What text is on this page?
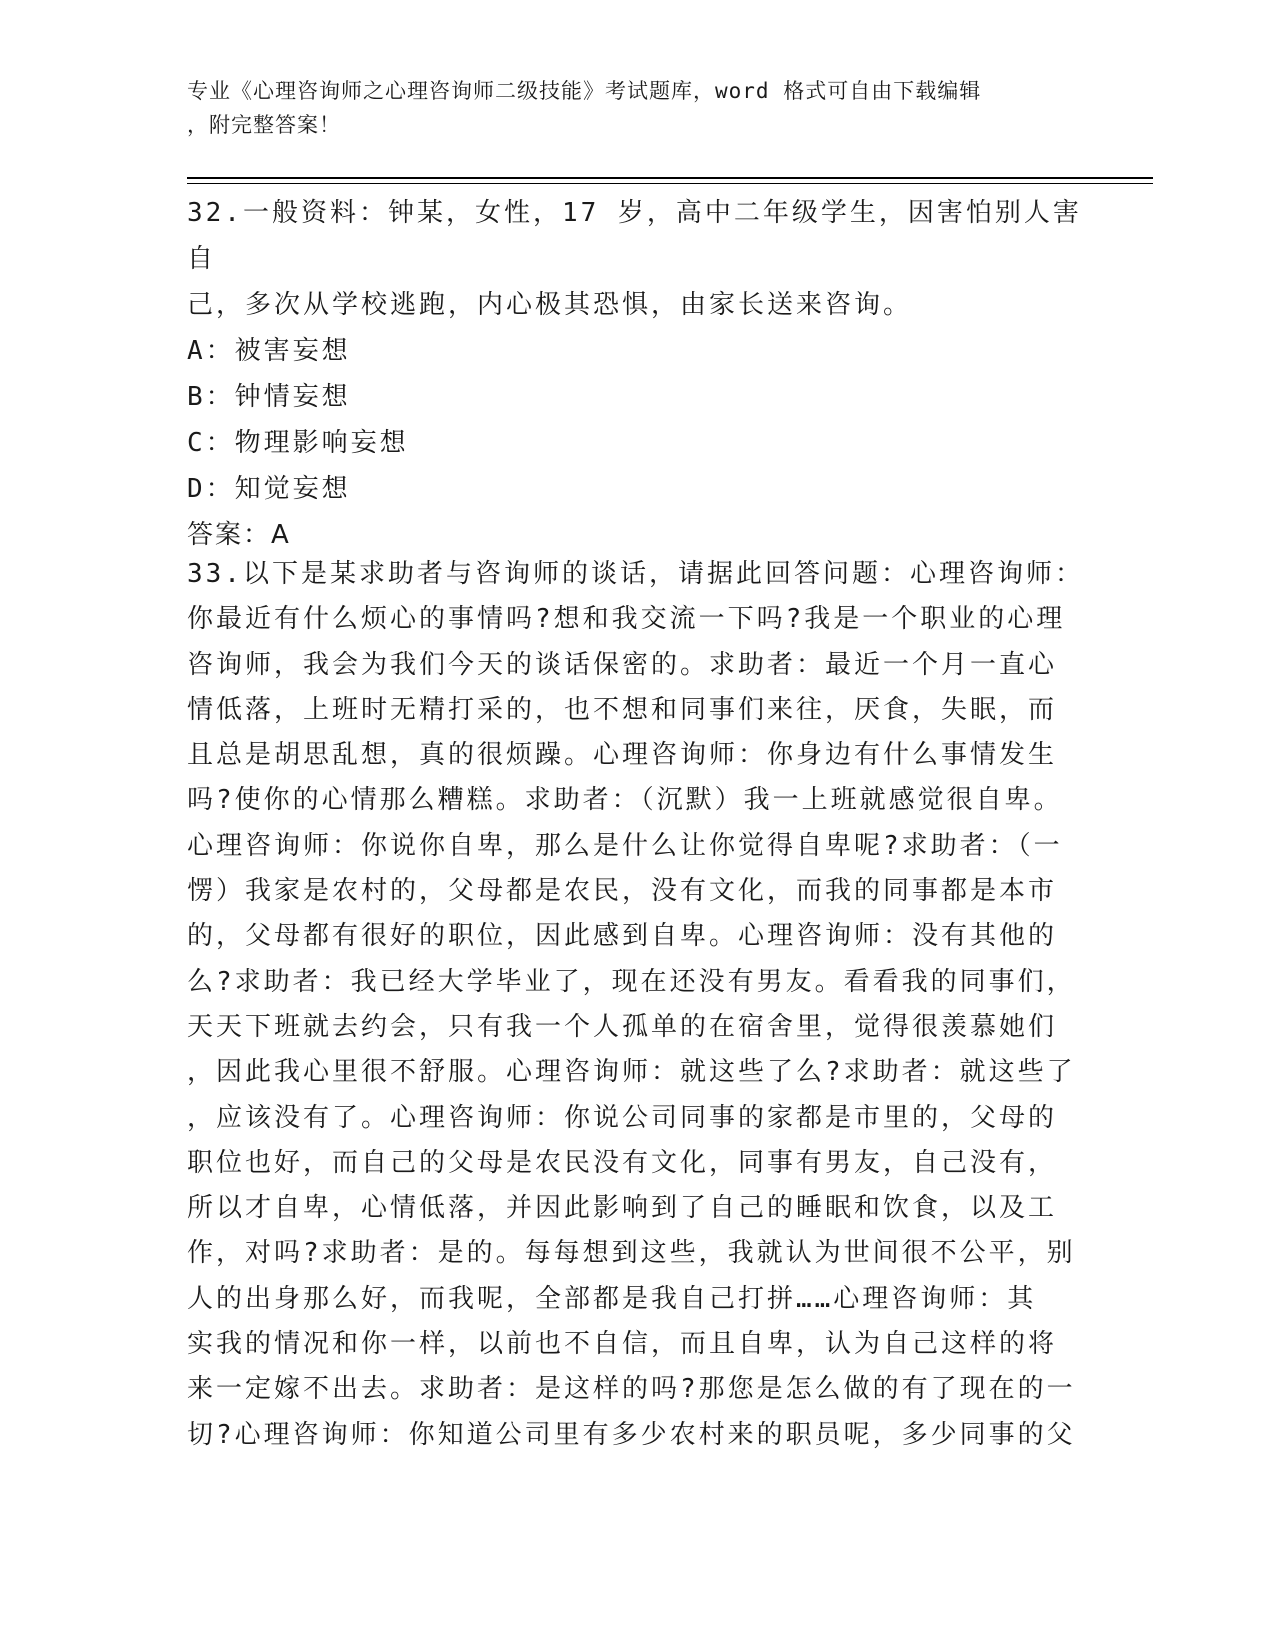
专业《心理咨询师之心理咨询师二级技能》考试题库，word 格式可自由下载编辑
，附完整答案！
32.一般资料：钟某，女性，17 岁，高中二年级学生，因害怕别人害自
己，多次从学校逃跑，内心极其恐惧，由家长送来咨询。
A：被害妄想
B：钟情妄想
C：物理影响妄想
D：知觉妄想
答案：A
33.以下是某求助者与咨询师的谈话，请据此回答问题：心理咨询师：
你最近有什么烦心的事情吗?想和我交流一下吗?我是一个职业的心理
咨询师，我会为我们今天的谈话保密的。求助者：最近一个月一直心
情低落，上班时无精打采的，也不想和同事们来往，厌食，失眠，而
且总是胡思乱想，真的很烦躁。心理咨询师：你身边有什么事情发生
吗?使你的心情那么糟糕。求助者：（沉默）我一上班就感觉很自卑。
心理咨询师：你说你自卑，那么是什么让你觉得自卑呢?求助者：（一
愣）我家是农村的，父母都是农民，没有文化，而我的同事都是本市
的，父母都有很好的职位，因此感到自卑。心理咨询师：没有其他的
么?求助者：我已经大学毕业了，现在还没有男友。看看我的同事们，
天天下班就去约会，只有我一个人孤单的在宿舍里，觉得很羡慕她们
，因此我心里很不舒服。心理咨询师：就这些了么?求助者：就这些了
，应该没有了。心理咨询师：你说公司同事的家都是市里的，父母的
职位也好，而自己的父母是农民没有文化，同事有男友，自己没有，
所以才自卑，心情低落，并因此影响到了自己的睡眠和饮食，以及工
作，对吗?求助者：是的。每每想到这些，我就认为世间很不公平，别
人的出身那么好，而我呢，全部都是我自己打拼……心理咨询师：其
实我的情况和你一样，以前也不自信，而且自卑，认为自己这样的将
来一定嫁不出去。求助者：是这样的吗?那您是怎么做的有了现在的一
切?心理咨询师：你知道公司里有多少农村来的职员呢，多少同事的父
